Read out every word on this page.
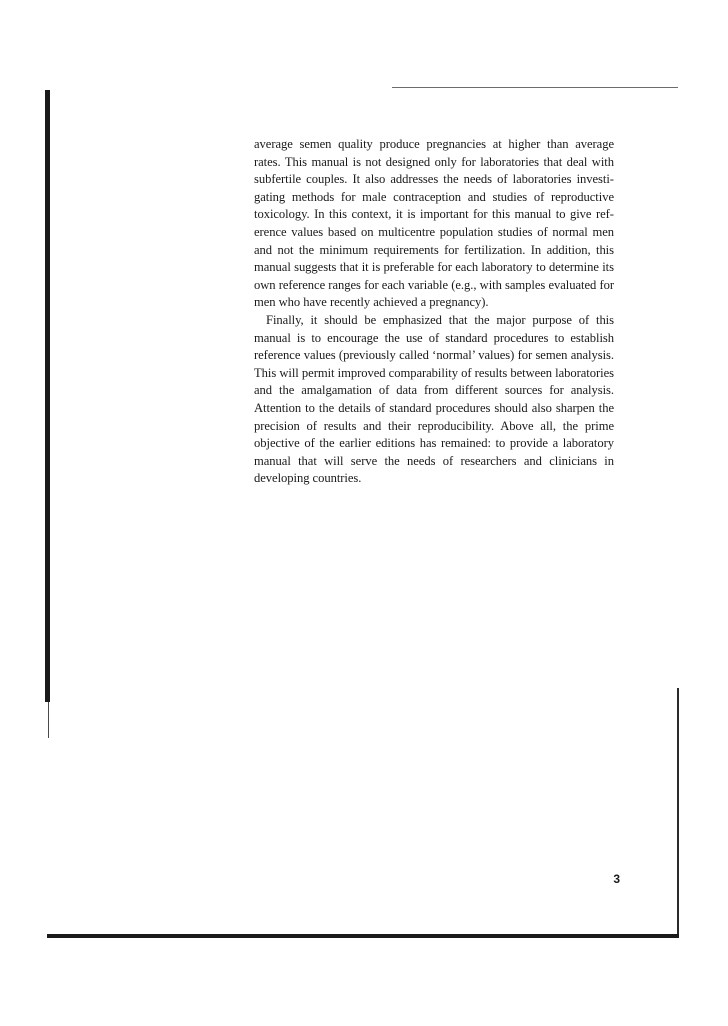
average semen quality produce pregnancies at higher than average rates. This manual is not designed only for laboratories that deal with subfertile couples. It also addresses the needs of laboratories investigating methods for male contraception and studies of reproductive toxicology. In this context, it is important for this manual to give reference values based on multicentre population studies of normal men and not the minimum requirements for fertilization. In addition, this manual suggests that it is preferable for each laboratory to determine its own reference ranges for each variable (e.g., with samples evaluated for men who have recently achieved a pregnancy).

Finally, it should be emphasized that the major purpose of this manual is to encourage the use of standard procedures to establish reference values (previously called ‘normal’ values) for semen analysis. This will permit improved comparability of results between laboratories and the amalgamation of data from different sources for analysis. Attention to the details of standard procedures should also sharpen the precision of results and their reproducibility. Above all, the prime objective of the earlier editions has remained: to provide a laboratory manual that will serve the needs of researchers and clinicians in developing countries.

3
